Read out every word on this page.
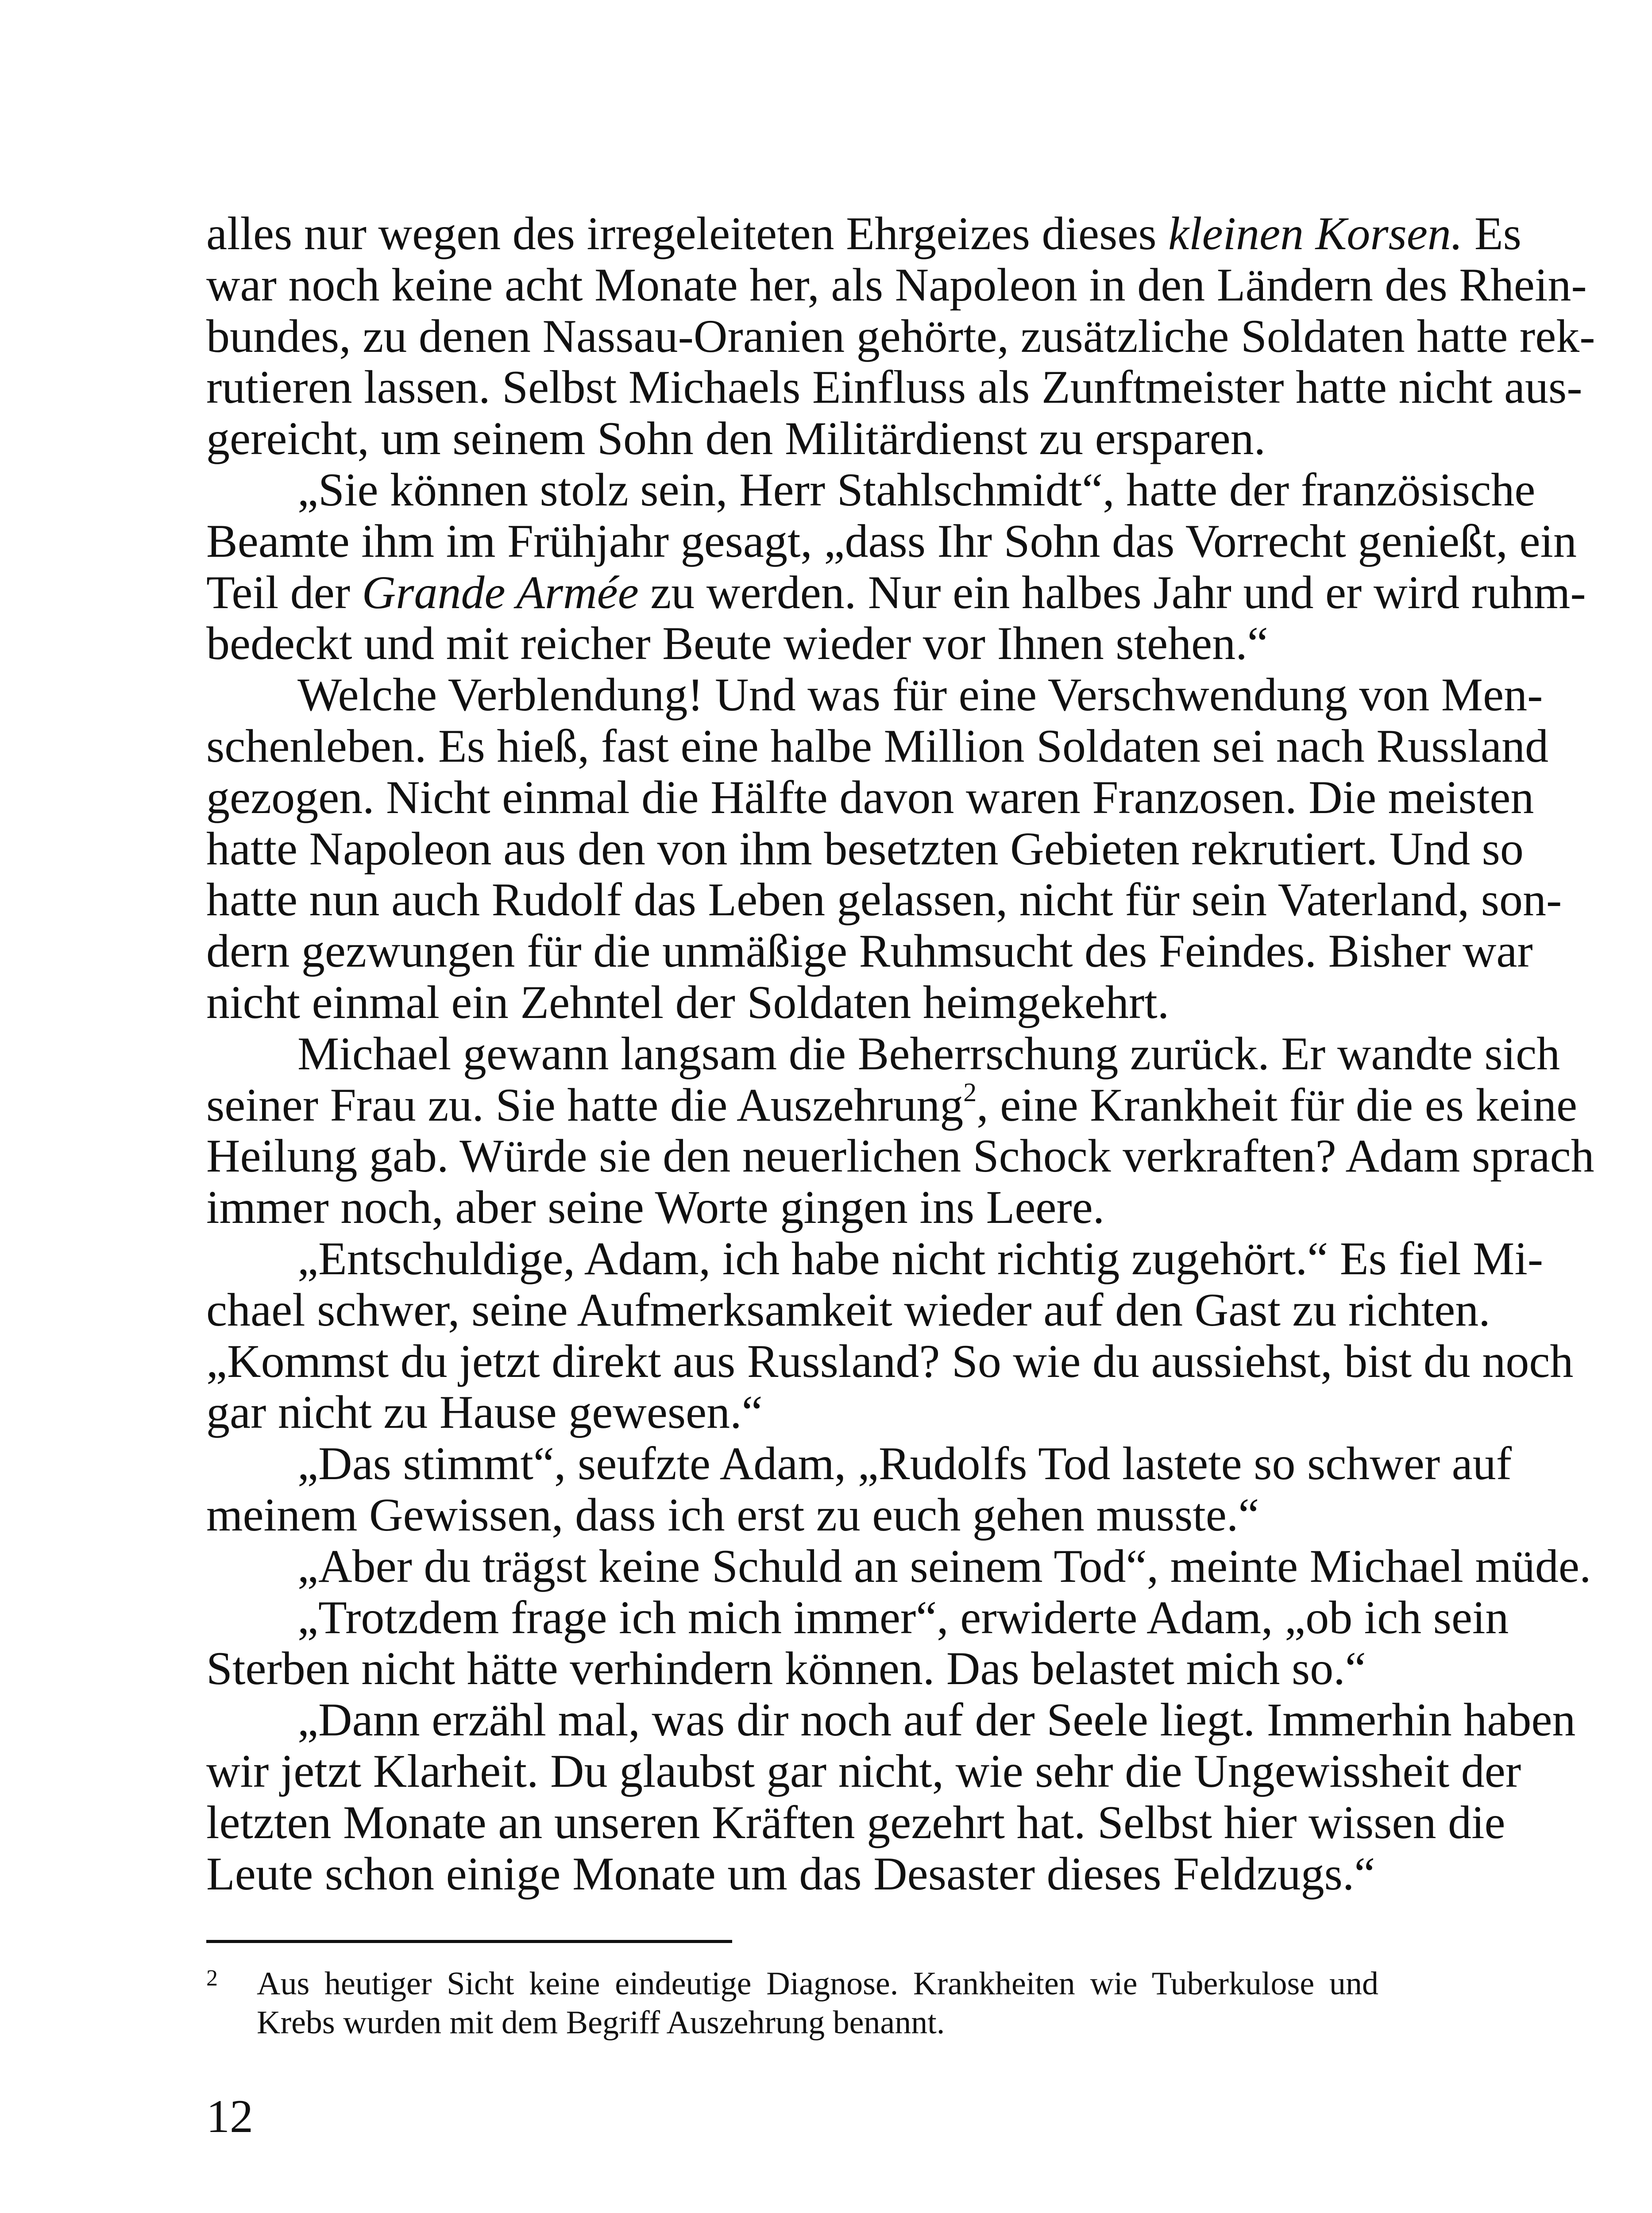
alles nur wegen des irregeleiteten Ehrgeizes dieses kleinen Korsen. Es
war noch keine acht Monate her, als Napoleon in den Ländern des Rhein-
bundes, zu denen Nassau-Oranien gehörte, zusätzliche Soldaten hatte rek-
rutieren lassen. Selbst Michaels Einfluss als Zunftmeister hatte nicht aus-
gereicht, um seinem Sohn den Militärdienst zu ersparen.
„Sie können stolz sein, Herr Stahlschmidt“, hatte der französische
Beamte ihm im Frühjahr gesagt, „dass Ihr Sohn das Vorrecht genießt, ein
Teil der Grande Armée zu werden. Nur ein halbes Jahr und er wird ruhm-
bedeckt und mit reicher Beute wieder vor Ihnen stehen.“
Welche Verblendung! Und was für eine Verschwendung von Men-
schenleben. Es hieß, fast eine halbe Million Soldaten sei nach Russland
gezogen. Nicht einmal die Hälfte davon waren Franzosen. Die meisten
hatte Napoleon aus den von ihm besetzten Gebieten rekrutiert. Und so
hatte nun auch Rudolf das Leben gelassen, nicht für sein Vaterland, son-
dern gezwungen für die unmäßige Ruhmsucht des Feindes. Bisher war
nicht einmal ein Zehntel der Soldaten heimgekehrt.
Michael gewann langsam die Beherrschung zurück. Er wandte sich
seiner Frau zu. Sie hatte die Auszehrung$^2$, eine Krankheit für die es keine
Heilung gab. Würde sie den neuerlichen Schock verkraften? Adam sprach
immer noch, aber seine Worte gingen ins Leere.
„Entschuldige, Adam, ich habe nicht richtig zugehört.“ Es fiel Mi-
chael schwer, seine Aufmerksamkeit wieder auf den Gast zu richten.
„Kommst du jetzt direkt aus Russland? So wie du aussiehst, bist du noch
gar nicht zu Hause gewesen.“
„Das stimmt“, seufzte Adam, „Rudolfs Tod lastete so schwer auf
meinem Gewissen, dass ich erst zu euch gehen musste.“
„Aber du trägst keine Schuld an seinem Tod“, meinte Michael müde.
„Trotzdem frage ich mich immer“, erwiderte Adam, „ob ich sein
Sterben nicht hätte verhindern können. Das belastet mich so.“
„Dann erzähl mal, was dir noch auf der Seele liegt. Immerhin haben
wir jetzt Klarheit. Du glaubst gar nicht, wie sehr die Ungewissheit der
letzten Monate an unseren Kräften gezehrt hat. Selbst hier wissen die
Leute schon einige Monate um das Desaster dieses Feldzugs.“
2 Aus heutiger Sicht keine eindeutige Diagnose. Krankheiten wie Tuberkulose und
Krebs wurden mit dem Begriff Auszehrung benannt.
12
